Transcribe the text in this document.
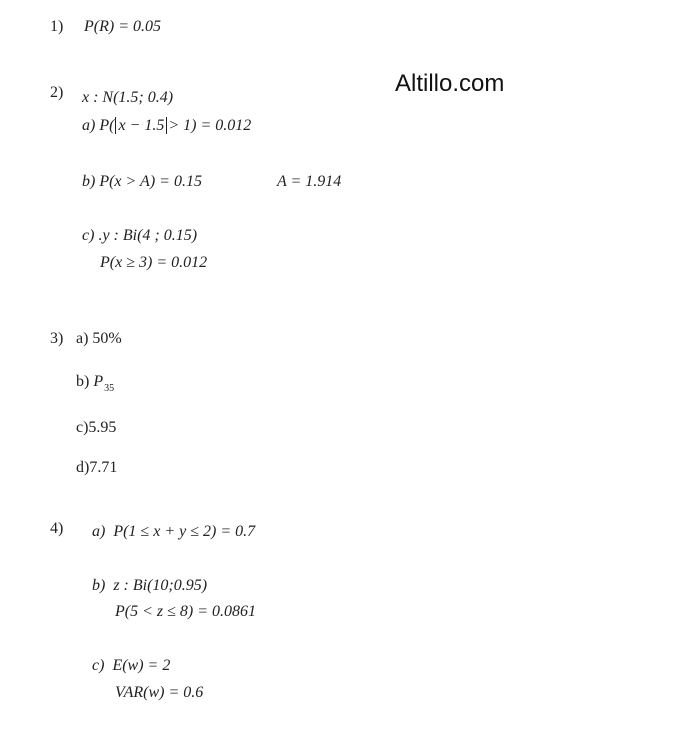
Altillo.com
1) P(R) = 0.05
2) x : N(1.5; 0.4)
a) P( x − 1.5 > 1) = 0.012
b) P(x > A) = 0.15	A = 1.914
c) .y : Bi(4 ; 0.15)
P(x ≥ 3) = 0.012
3) a) 50%
b) $P_{35}$
c)5.95
d)7.71
4) a) P(1 ≤ x + y ≤ 2) = 0.7
b) z : Bi(10;0.95)
P(5 < z ≤ 8) = 0.0861
c) E(w) = 2
VAR(w) = 0.6
